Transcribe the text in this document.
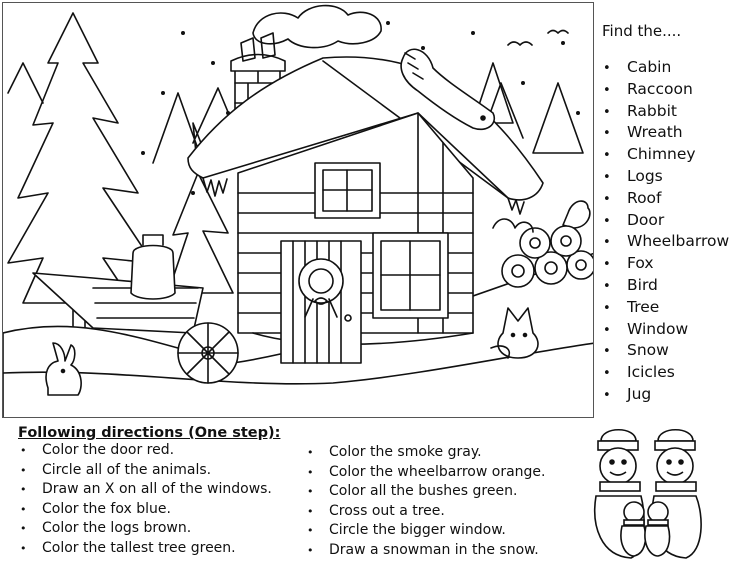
Find the....
• Cabin
• Raccoon
• Rabbit
• Wreath
• Chimney
• Logs
• Roof
• Door
• Wheelbarrow
• Fox
• Bird
• Tree
• Window
• Snow
• Icicles
• Jug
Following directions (One step):
• Color the door red.
• Circle all of the animals.
• Draw an X on all of the windows.
• Color the fox blue.
• Color the logs brown.
• Color the tallest tree green.
• Color the smoke gray.
• Color the wheelbarrow orange.
• Color all the bushes green.
• Cross out a tree.
• Circle the bigger window.
• Draw a snowman in the snow.
